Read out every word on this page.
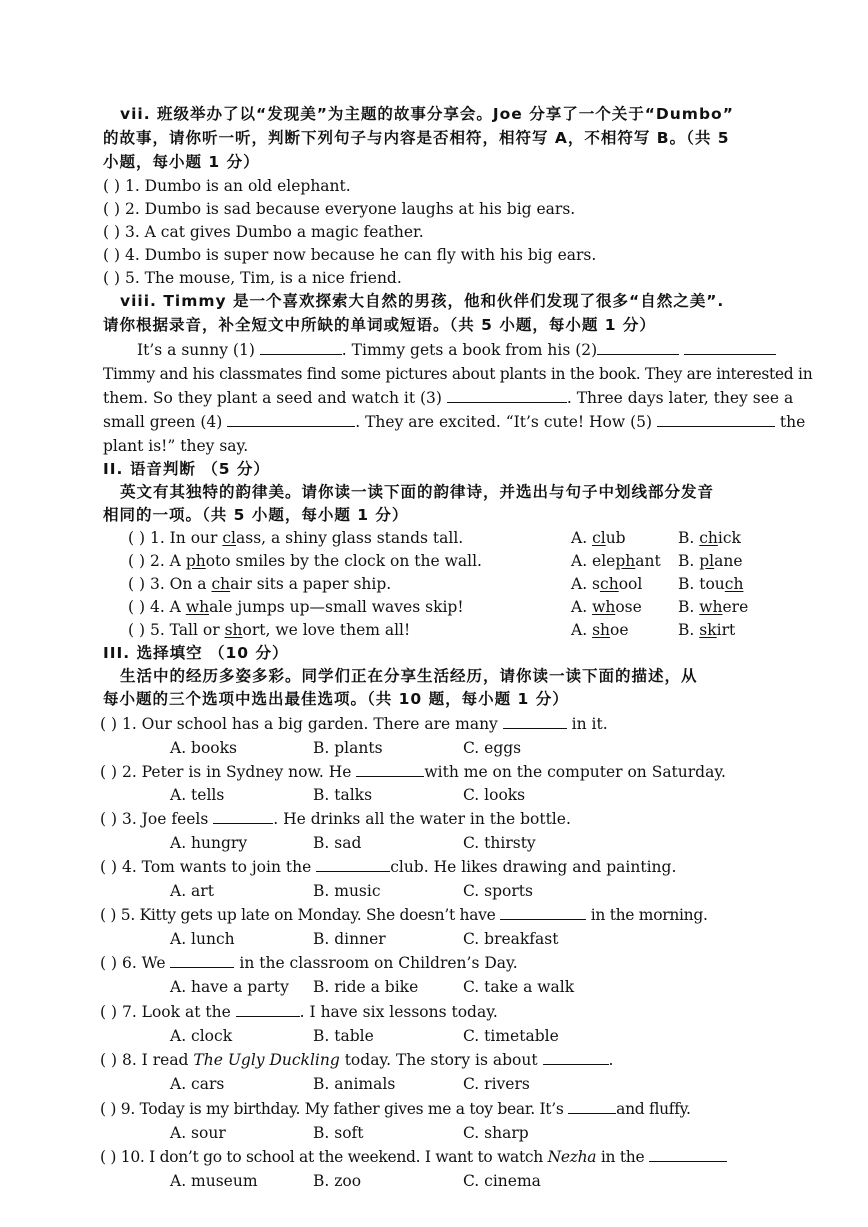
vii. 班级举办了以“发现美”为主题的故事分享会。Joe 分享了一个关于“Dumbo”
的故事，请你听一听，判断下列句子与内容是否相符，相符写 A，不相符写 B。（共 5
小题，每小题 1 分）
( ) 1. Dumbo is an old elephant.
( ) 2. Dumbo is sad because everyone laughs at his big ears.
( ) 3. A cat gives Dumbo a magic feather.
( ) 4. Dumbo is super now because he can fly with his big ears.
( ) 5. The mouse, Tim, is a nice friend.
viii. Timmy 是一个喜欢探索大自然的男孩，他和伙伴们发现了很多“自然之美”.
请你根据录音，补全短文中所缺的单词或短语。（共 5 小题，每小题 1 分）
It’s a sunny (1)	. Timmy gets a book from his (2)
Timmy and his classmates find some pictures about plants in the book. They are interested in
them. So they plant a seed and watch it (3)	. Three days later, they see a
small green (4)	. They are excited. “It’s cute! How (5)	the
plant is!” they say.
II. 语音判断 （5 分）
英文有其独特的韵律美。请你读一读下面的韵律诗，并选出与句子中划线部分发音
相同的一项。（共 5 小题，每小题 1 分）
( ) 1. In our class, a shiny glass stands tall.	A. club	B. chick
( ) 2. A photo smiles by the clock on the wall.	A. elephant B. plane
( ) 3. On a chair sits a paper ship.	A. school B. touch
( ) 4. A whale jumps up—small waves skip!	A. whose B. where
( ) 5. Tall or short, we love them all!	A. shoe	B. skirt
III. 选择填空 （10 分）
生活中的经历多姿多彩。同学们正在分享生活经历，请你读一读下面的描述，从
每小题的三个选项中选出最佳选项。（共 10 题，每小题 1 分）
( ) 1. Our school has a big garden. There are many	in it.
A. books	B. plants	C. eggs
( ) 2. Peter is in Sydney now. He	with me on the computer on Saturday.
A. tells	B. talks	C. looks
( ) 3. Joe feels	. He drinks all the water in the bottle.
A. hungry	B. sad	C. thirsty
( ) 4. Tom wants to join the	club. He likes drawing and painting.
A. art	B. music	C. sports
( ) 5. Kitty gets up late on Monday. She doesn’t have	in the morning.
A. lunch	B. dinner	C. breakfast
( ) 6. We	in the classroom on Children’s Day.
A. have a party B. ride a bike	C. take a walk
( ) 7. Look at the	. I have six lessons today.
A. clock	B. table	C. timetable
( ) 8. I read The Ugly Duckling today. The story is about	.
A. cars	B. animals	C. rivers
( ) 9. Today is my birthday. My father gives me a toy bear. It’s	and fluffy.
A. sour	B. soft	C. sharp
( ) 10. I don’t go to school at the weekend. I want to watch Nezha in the
A. museum	B. zoo	C. cinema
